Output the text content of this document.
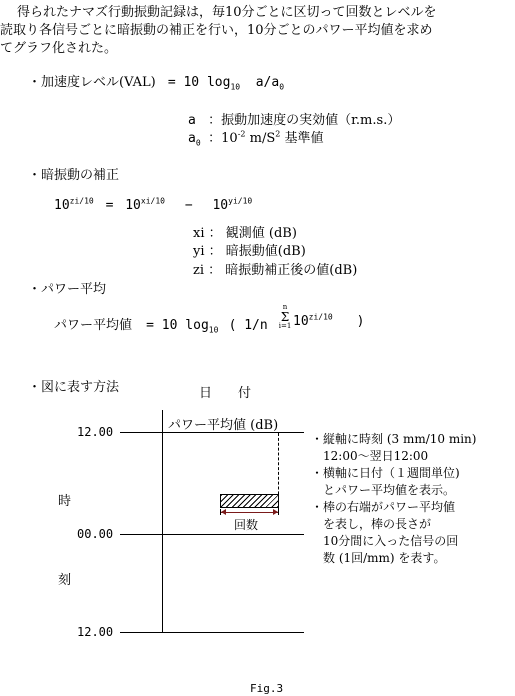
　得られたナマズ行動振動記録は，毎10分ごとに区切って回数とレベルを
読取り各信号ごとに暗振動の補正を行い，10分ごとのパワー平均値を求め
てグラフ化された。
・加速度レベル(VAL) = 10 $\log_{10} a/a_0$
a ：振動加速度の実効値（r.m.s.）
$a_0$ ：$10^{-2}$ $m/S^2$ 基準値
・暗振動の補正
$10^{zi/10} = 10^{xi/10} - 10^{yi/10}$
xi ： 観測値 (dB)
yi ： 暗振動値(dB)
zi ： 暗振動補正後の値(dB)
・パワー平均
パワー平均値 = 10 $\log_{10}$ ( 1/n
n
Σ
i=1 $10^{zi/10}$ )
・図に表す方法	日　　付
パワー平均値 (dB)
12.00
00.00
12.00
時
刻
回数
・縦軸に時刻 (3 mm/10 min)
　12:00～翌日12:00
・横軸に日付（１週間単位)
　とパワー平均値を表示。
・棒の右端がパワー平均値
　を表し，棒の長さが
　10分間に入った信号の回
　数 (1回/mm) を表す。
Fig.3
